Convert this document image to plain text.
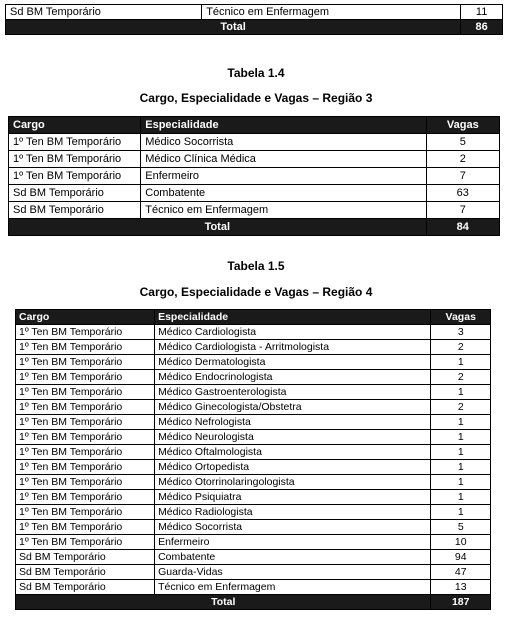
Sd BM Temporário	Técnico em Enfermagem	11
Total		86
Tabela 1.4
Cargo, Especialidade e Vagas – Região 3
Cargo	Especialidade	Vagas
1º Ten BM Temporário	Médico Socorrista	5
1º Ten BM Temporário	Médico Clínica Médica	2
1º Ten BM Temporário	Enfermeiro	7
Sd BM Temporário	Combatente	63
Sd BM Temporário	Técnico em Enfermagem	7
Total		84
Tabela 1.5
Cargo, Especialidade e Vagas – Região 4
Cargo	Especialidade	Vagas
1º Ten BM Temporário	Médico Cardiologista	3
1º Ten BM Temporário	Médico Cardiologista - Arritmologista	2
1º Ten BM Temporário	Médico Dermatologista	1
1º Ten BM Temporário	Médico Endocrinologista	2
1º Ten BM Temporário	Médico Gastroenterologista	1
1º Ten BM Temporário	Médico Ginecologista/Obstetra	2
1º Ten BM Temporário	Médico Nefrologista	1
1º Ten BM Temporário	Médico Neurologista	1
1º Ten BM Temporário	Médico Oftalmologista	1
1º Ten BM Temporário	Médico Ortopedista	1
1º Ten BM Temporário	Médico Otorrinolaringologista	1
1º Ten BM Temporário	Médico Psiquiatra	1
1º Ten BM Temporário	Médico Radiologista	1
1º Ten BM Temporário	Médico Socorrista	5
1º Ten BM Temporário	Enfermeiro	10
Sd BM Temporário	Combatente	94
Sd BM Temporário	Guarda-Vidas	47
Sd BM Temporário	Técnico em Enfermagem	13
Total		187
